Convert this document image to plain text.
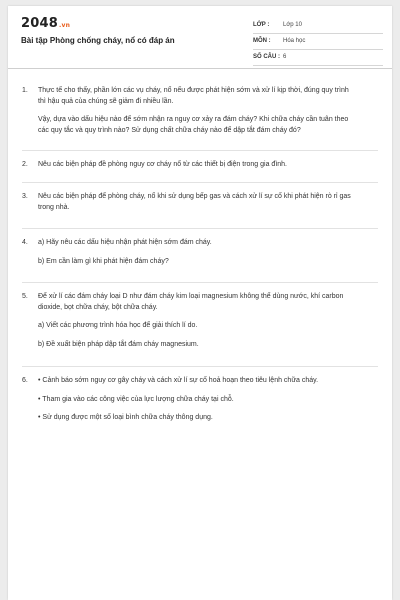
2048.vn
Bài tập Phòng chống cháy, nổ có đáp án
LỚP : Lớp 10
MÔN : Hóa học
SỐ CÂU : 6
1. Thực tế cho thấy, phần lớn các vụ cháy, nổ nếu được phát hiện sớm và xử lí kịp thời, đúng quy trình thì hậu quả của chúng sẽ giảm đi nhiều lần.

Vậy, dựa vào dấu hiệu nào để sớm nhận ra nguy cơ xảy ra đám cháy? Khi chữa cháy cần tuân theo các quy tắc và quy trình nào? Sử dụng chất chữa cháy nào để dập tắt đám cháy đó?

2. Nêu các biện pháp đề phòng nguy cơ cháy nổ từ các thiết bị điện trong gia đình.

3. Nêu các biện pháp để phòng cháy, nổ khi sử dụng bếp gas và cách xử lí sự cố khi phát hiện rò rỉ gas trong nhà.

4. a) Hãy nêu các dấu hiệu nhận phát hiện sớm đám cháy.

b) Em cần làm gì khi phát hiện đám cháy?

5. Để xử lí các đám cháy loại D như đám cháy kim loại magnesium không thể dùng nước, khí carbon dioxide, bọt chữa cháy, bột chữa cháy.

a) Viết các phương trình hóa học để giải thích lí do.

b) Đề xuất biện pháp dập tắt đám cháy magnesium.

6. • Cảnh báo sớm nguy cơ gây cháy và cách xử lí sự cố hoả hoạn theo tiêu lệnh chữa cháy.

• Tham gia vào các công việc của lực lượng chữa cháy tại chỗ.

• Sử dụng được một số loại bình chữa cháy thông dụng.
